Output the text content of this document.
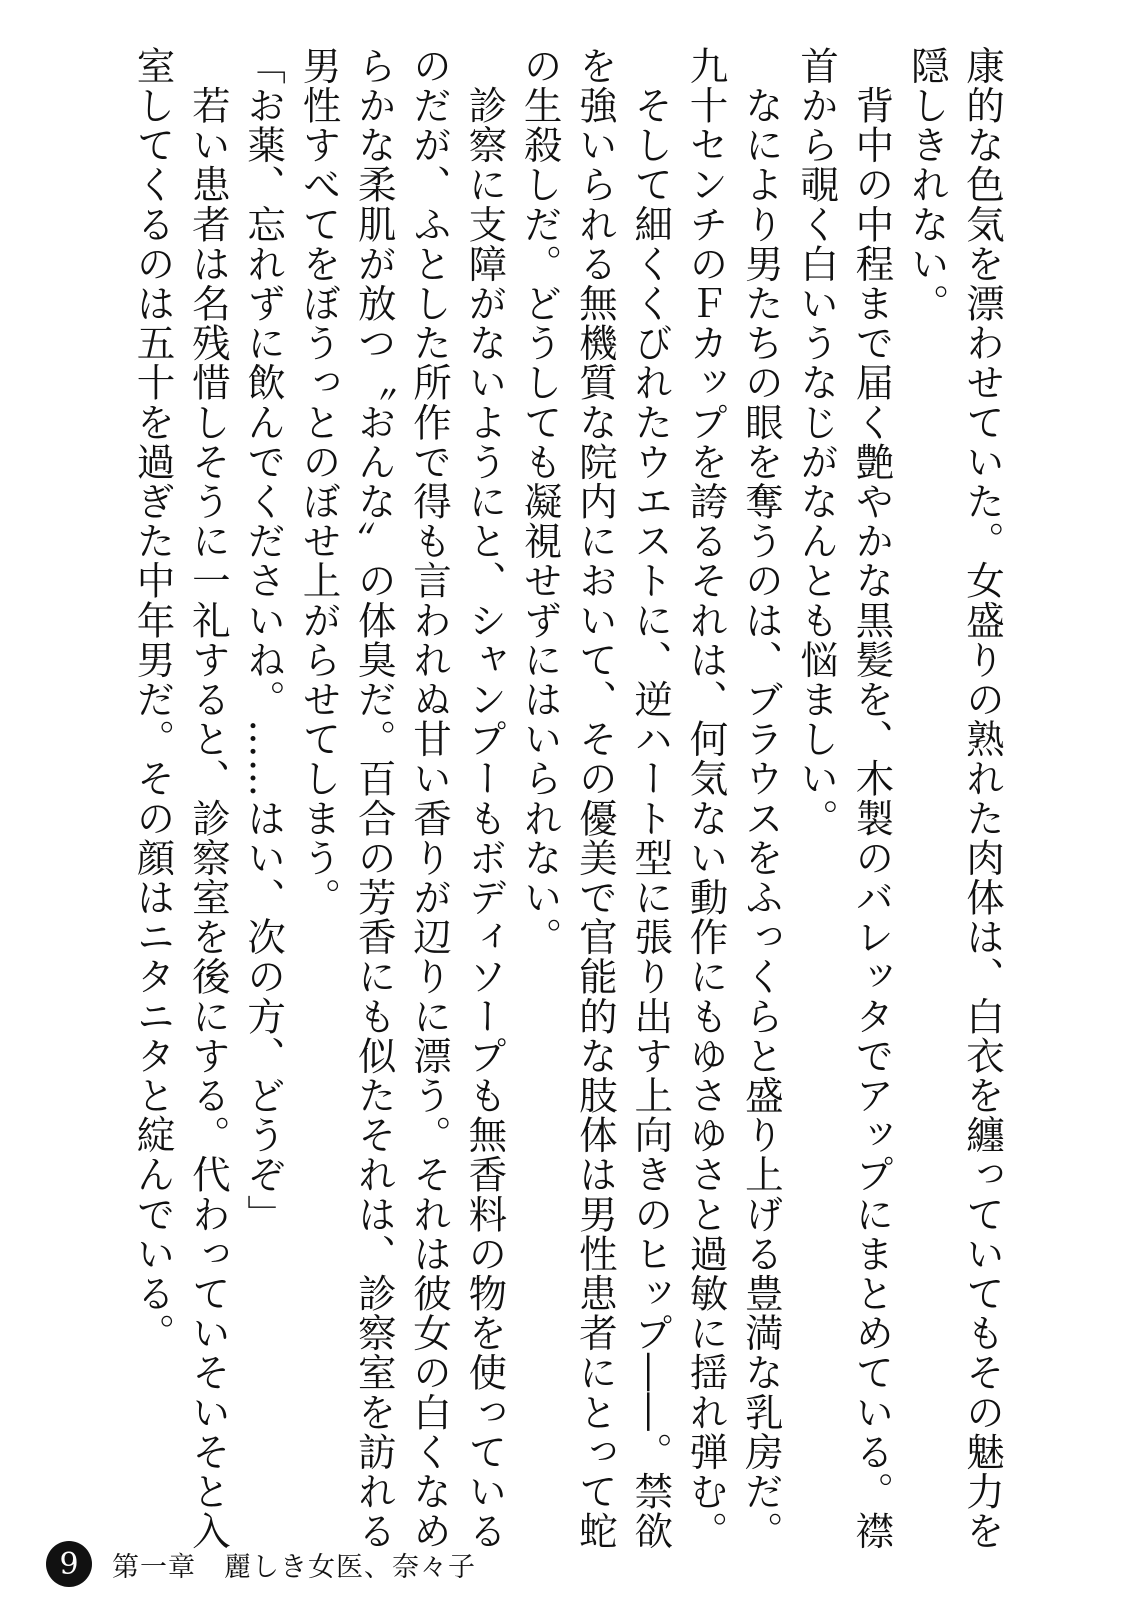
康的な色気を漂わせていた。女盛りの熟れた肉体は、白衣を纏っていてもその魅力を
隠しきれない。
　背中の中程まで届く艶やかな黒髪を、木製のバレッタでアップにまとめている。襟
首から覗く白いうなじがなんとも悩ましい。
　なにより男たちの眼を奪うのは、ブラウスをふっくらと盛り上げる豊満な乳房だ。
九十センチのＦカップを誇るそれは、何気ない動作にもゆさゆさと過敏に揺れ弾む。
　そして細くくびれたウエストに、逆ハート型に張り出す上向きのヒップ――。禁欲
を強いられる無機質な院内において、その優美で官能的な肢体は男性患者にとって蛇
の生殺しだ。どうしても凝視せずにはいられない。
　診察に支障がないようにと、シャンプーもボディソープも無香料の物を使っている
のだが、ふとした所作で得も言われぬ甘い香りが辺りに漂う。それは彼女の白くなめ
らかな柔肌が放つ〝おんな〟の体臭だ。百合の芳香にも似たそれは、診察室を訪れる
男性すべてをぼうっとのぼせ上がらせてしまう。
「お薬、忘れずに飲んでくださいね。……はい、次の方、どうぞ」
　若い患者は名残惜しそうに一礼すると、診察室を後にする。代わっていそいそと入
室してくるのは五十を過ぎた中年男だ。その顔はニタニタと綻んでいる。
9	第一章　麗しき女医、奈々子
